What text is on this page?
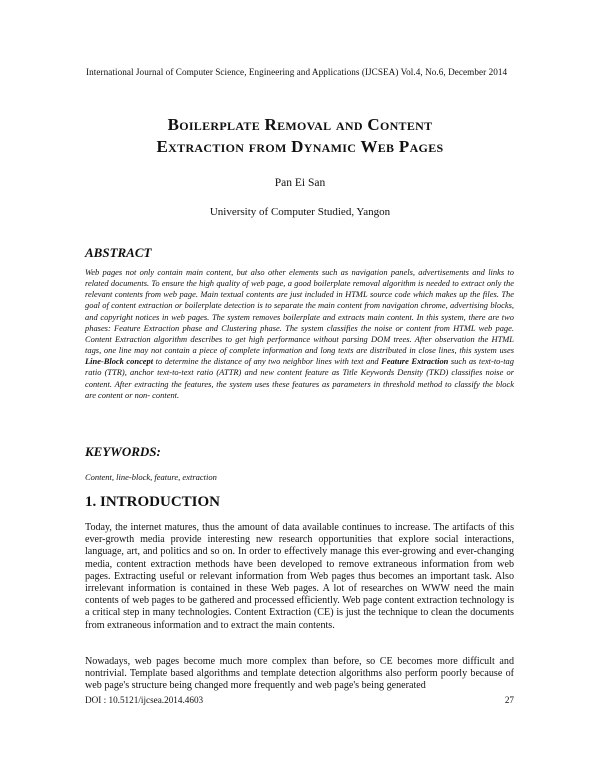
International Journal of Computer Science, Engineering and Applications (IJCSEA) Vol.4, No.6, December 2014
Boilerplate Removal and Content
Extraction from Dynamic Web Pages
Pan Ei San
University of Computer Studied, Yangon
ABSTRACT
Web pages not only contain main content, but also other elements such as navigation panels, advertisements and links to related documents. To ensure the high quality of web page, a good boilerplate removal algorithm is needed to extract only the relevant contents from web page. Main textual contents are just included in HTML source code which makes up the files. The goal of content extraction or boilerplate detection is to separate the main content from navigation chrome, advertising blocks, and copyright notices in web pages. The system removes boilerplate and extracts main content. In this system, there are two phases: Feature Extraction phase and Clustering phase. The system classifies the noise or content from HTML web page. Content Extraction algorithm describes to get high performance without parsing DOM trees. After observation the HTML tags, one line may not contain a piece of complete information and long texts are distributed in close lines, this system uses Line-Block concept to determine the distance of any two neighbor lines with text and Feature Extraction such as text-to-tag ratio (TTR), anchor text-to-text ratio (ATTR) and new content feature as Title Keywords Density (TKD) classifies noise or content. After extracting the features, the system uses these features as parameters in threshold method to classify the block are content or non- content.
KEYWORDS:
Content, line-block, feature, extraction
1. INTRODUCTION
Today, the internet matures, thus the amount of data available continues to increase. The artifacts of this ever-growth media provide interesting new research opportunities that explore social interactions, language, art, and politics and so on. In order to effectively manage this ever-growing and ever-changing media, content extraction methods have been developed to remove extraneous information from web pages. Extracting useful or relevant information from Web pages thus becomes an important task. Also irrelevant information is contained in these Web pages. A lot of researches on WWW need the main contents of web pages to be gathered and processed efficiently. Web page content extraction technology is a critical step in many technologies. Content Extraction (CE) is just the technique to clean the documents from extraneous information and to extract the main contents.
Nowadays, web pages become much more complex than before, so CE becomes more difficult and nontrivial. Template based algorithms and template detection algorithms also perform poorly because of web page's structure being changed more frequently and web page's being generated
DOI : 10.5121/ijcsea.2014.4603	27
